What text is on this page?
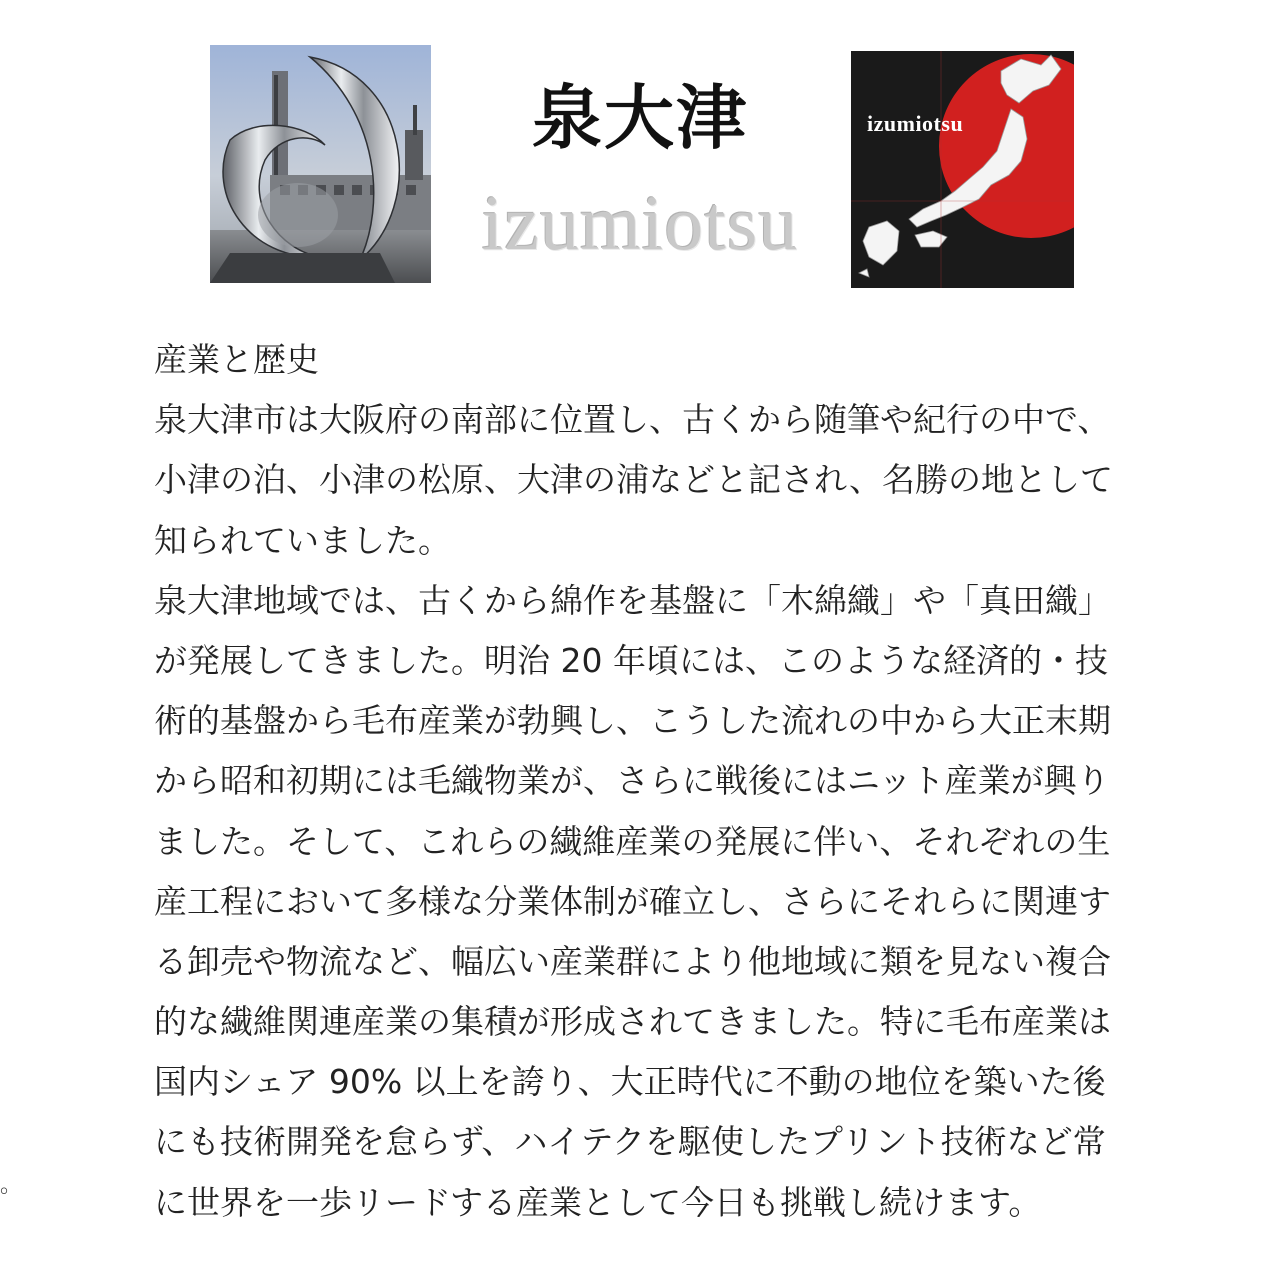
泉大津
izumiotsu
izumiotsu
産業と歴史
泉大津市は大阪府の南部に位置し、古くから随筆や紀行の中で、
小津の泊、小津の松原、大津の浦などと記され、名勝の地として
知られていました。
泉大津地域では、古くから綿作を基盤に「木綿織」や「真田織」
が発展してきました。明治 20 年頃には、このような経済的・技
術的基盤から毛布産業が勃興し、こうした流れの中から大正末期
から昭和初期には毛織物業が、さらに戦後にはニット産業が興り
ました。そして、これらの繊維産業の発展に伴い、それぞれの生
産工程において多様な分業体制が確立し、さらにそれらに関連す
る卸売や物流など、幅広い産業群により他地域に類を見ない複合
的な繊維関連産業の集積が形成されてきました。特に毛布産業は
国内シェア 90% 以上を誇り、大正時代に不動の地位を築いた後
にも技術開発を怠らず、ハイテクを駆使したプリント技術など常
に世界を一歩リードする産業として今日も挑戦し続けます。
。
